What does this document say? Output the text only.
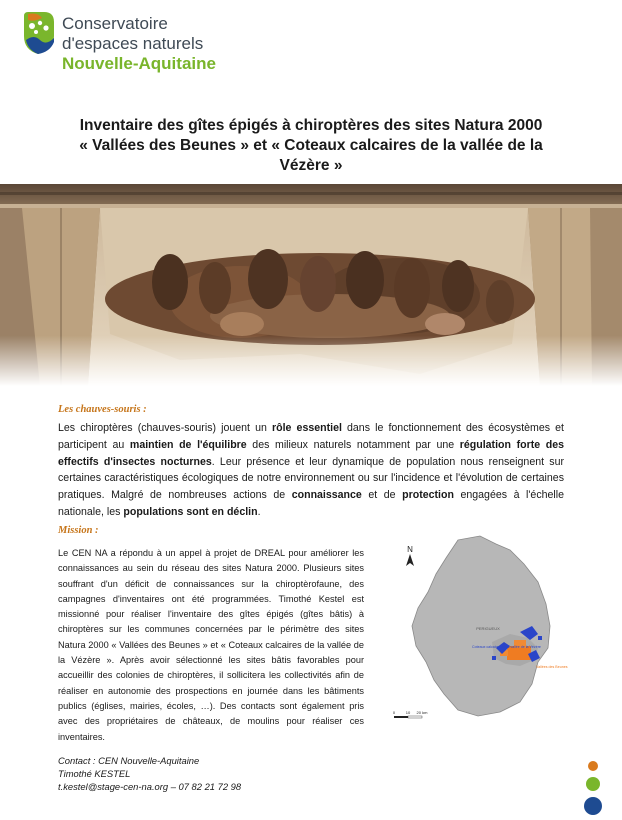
Conservatoire
d'espaces naturels
Nouvelle-Aquitaine
Inventaire des gîtes épigés à chiroptères des sites Natura 2000
« Vallées des Beunes » et « Coteaux calcaires de la vallée de la
Vézère »
Les chauves-souris :

Les chiroptères (chauves-souris) jouent un rôle essentiel dans le fonctionnement des écosystèmes et participent au maintien de l'équilibre des milieux naturels notamment par une régulation forte des effectifs d'insectes nocturnes. Leur présence et leur dynamique de population nous renseignent sur certaines caractéristiques écologiques de notre environnement ou sur l'incidence et l'évolution de certaines pratiques. Malgré de nombreuses actions de connaissance et de protection engagées à l'échelle nationale, les populations sont en déclin.

Mission :

Le CEN NA a répondu à un appel à projet de DREAL pour améliorer les connaissances au sein du réseau des sites Natura 2000. Plusieurs sites souffrant d'un déficit de connaissances sur la chiroptèrofaune, des campagnes d'inventaires ont été programmées. Timothé Kestel est missionné pour réaliser l'inventaire des gîtes épigés (gîtes bâtis) à chiroptères sur les communes concernées par le périmètre des sites Natura 2000 « Vallées des Beunes » et « Coteaux calcaires de la vallée de la Vézère ». Après avoir sélectionné les sites bâtis favorables pour accueillir des colonies de chiroptères, il sollicitera les collectivités afin de réaliser en autonomie des prospections en journée dans les bâtiments publics (églises, mairies, écoles, …). Des contacts sont également pris avec des propriétaires de châteaux, de moulins pour réaliser ces inventaires.

N
PERIGUEUX
Coteaux calcaires de la vallée de la Vézère
Vallées des Beunes
0	10 20 km
Contact : CEN Nouvelle-Aquitaine
Timothé KESTEL
t.kestel@stage-cen-na.org – 07 82 21 72 98
